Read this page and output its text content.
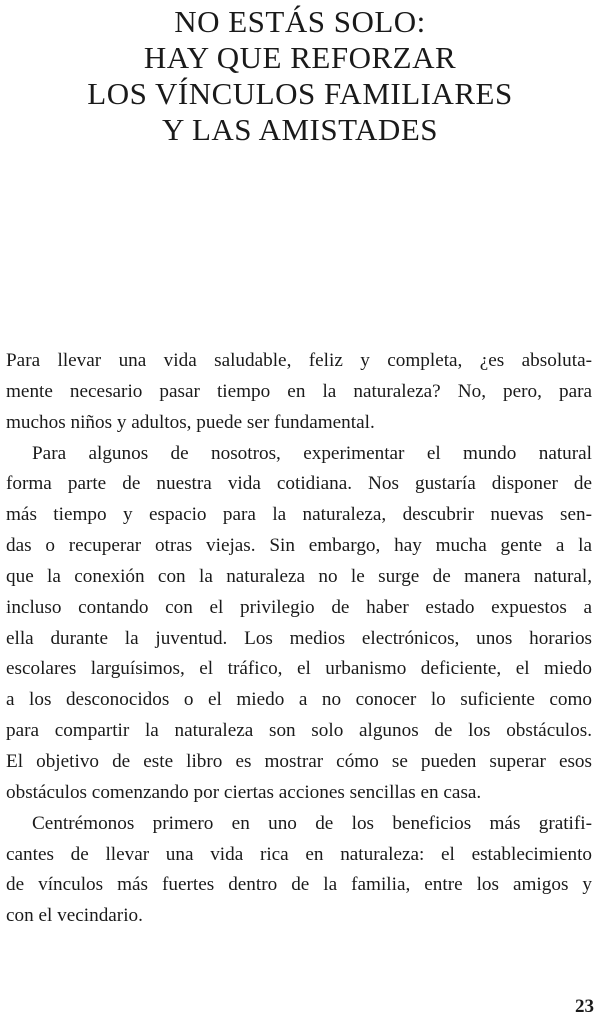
NO ESTÁS SOLO:
HAY QUE REFORZAR
LOS VÍNCULOS FAMILIARES
Y LAS AMISTADES

Para llevar una vida saludable, feliz y completa, ¿es absoluta-
mente necesario pasar tiempo en la naturaleza? No, pero, para
muchos niños y adultos, puede ser fundamental.

Para algunos de nosotros, experimentar el mundo natural
forma parte de nuestra vida cotidiana. Nos gustaría disponer de
más tiempo y espacio para la naturaleza, descubrir nuevas sen-
das o recuperar otras viejas. Sin embargo, hay mucha gente a la
que la conexión con la naturaleza no le surge de manera natural,
incluso contando con el privilegio de haber estado expuestos a
ella durante la juventud. Los medios electrónicos, unos horarios
escolares larguísimos, el tráfico, el urbanismo deficiente, el miedo
a los desconocidos o el miedo a no conocer lo suficiente como
para compartir la naturaleza son solo algunos de los obstáculos.
El objetivo de este libro es mostrar cómo se pueden superar esos
obstáculos comenzando por ciertas acciones sencillas en casa.

Centrémonos primero en uno de los beneficios más gratifi-
cantes de llevar una vida rica en naturaleza: el establecimiento
de vínculos más fuertes dentro de la familia, entre los amigos y
con el vecindario.

23
